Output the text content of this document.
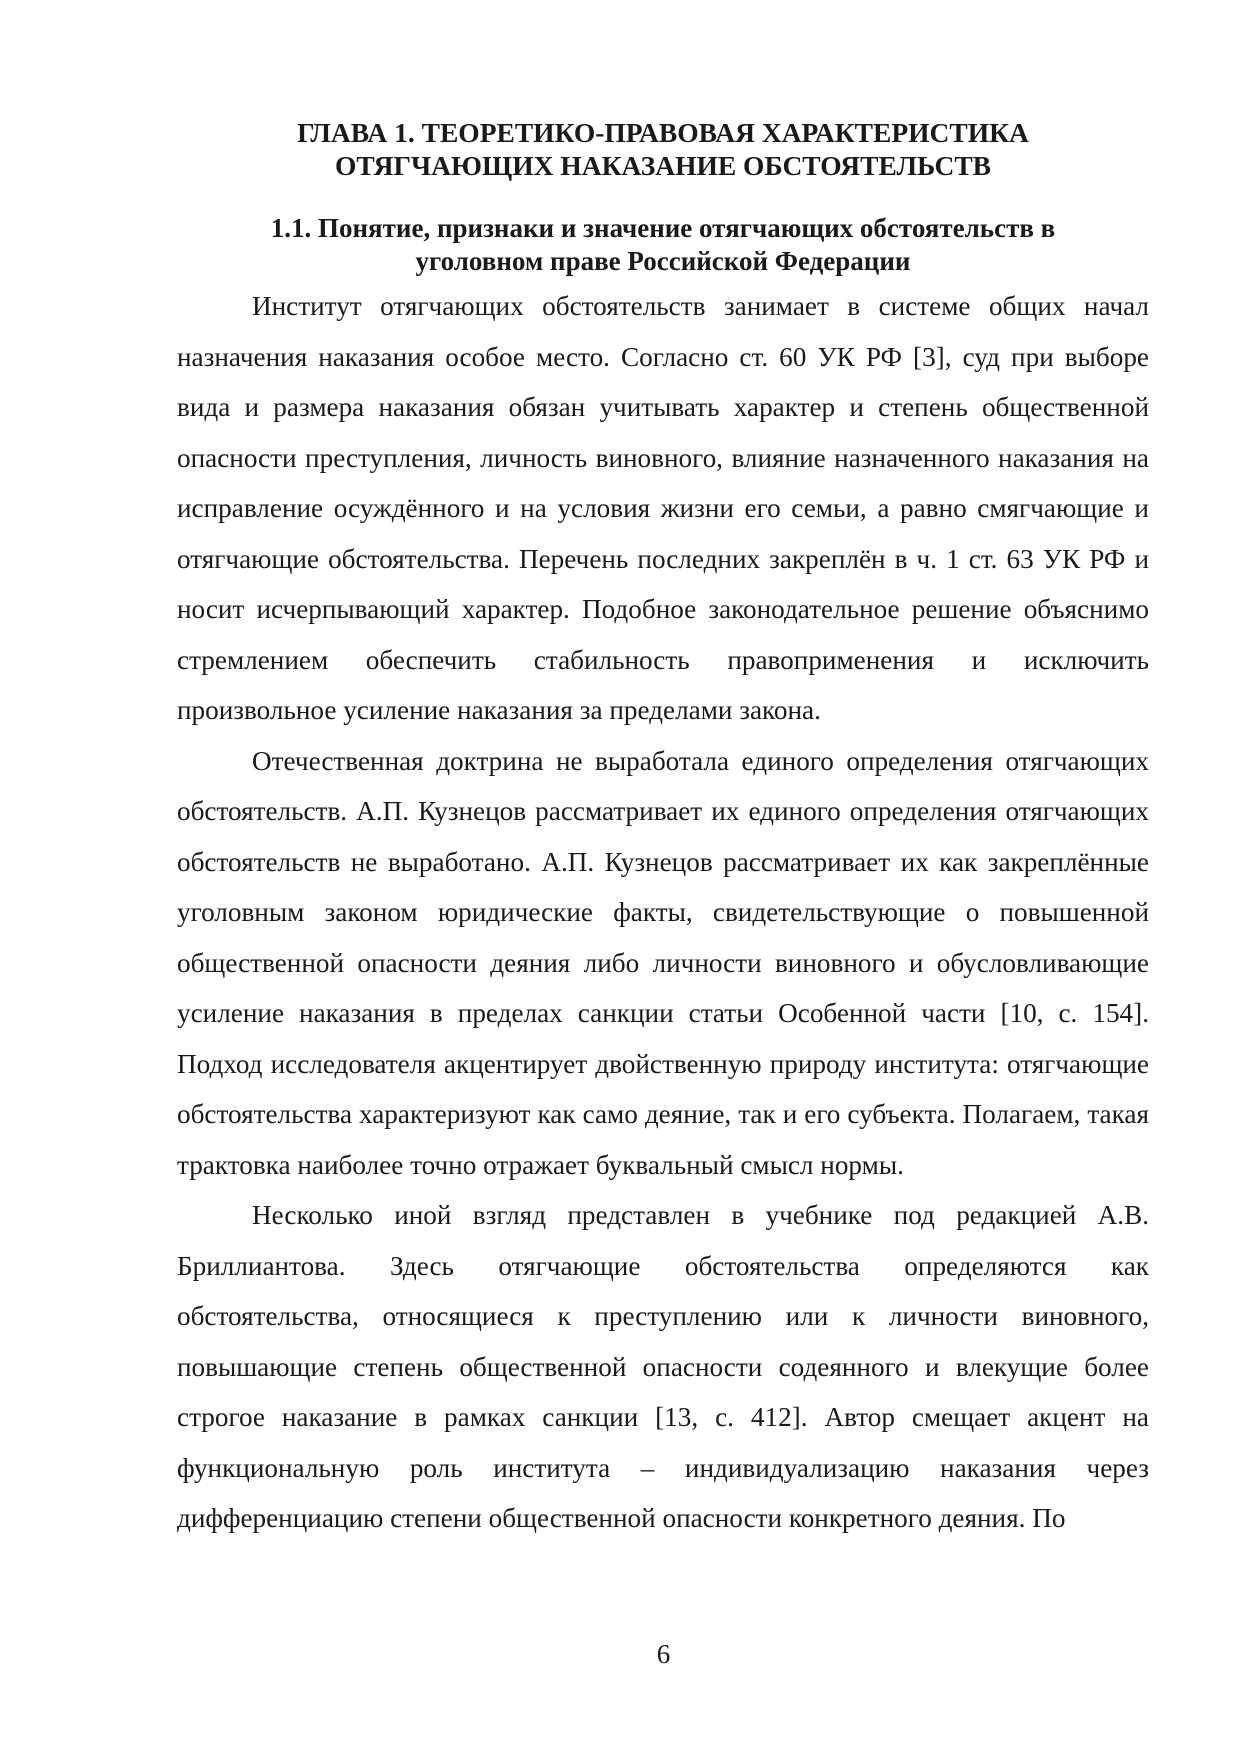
ГЛАВА 1. ТЕОРЕТИКО-ПРАВОВАЯ ХАРАКТЕРИСТИКА
ОТЯГЧАЮЩИХ НАКАЗАНИЕ ОБСТОЯТЕЛЬСТВ
1.1. Понятие, признаки и значение отягчающих обстоятельств в
уголовном праве Российской Федерации

Институт отягчающих обстоятельств занимает в системе общих начал назначения наказания особое место. Согласно ст. 60 УК РФ [3], суд при выборе вида и размера наказания обязан учитывать характер и степень общественной опасности преступления, личность виновного, влияние назначенного наказания на исправление осуждённого и на условия жизни его семьи, а равно смягчающие и отягчающие обстоятельства. Перечень последних закреплён в ч. 1 ст. 63 УК РФ и носит исчерпывающий характер. Подобное законодательное решение объяснимо стремлением обеспечить стабильность правоприменения и исключить произвольное усиление наказания за пределами закона.

Отечественная доктрина не выработала единого определения отягчающих обстоятельств. А.П. Кузнецов рассматривает их единого определения отягчающих обстоятельств не выработано. А.П. Кузнецов рассматривает их как закреплённые уголовным законом юридические факты, свидетельствующие о повышенной общественной опасности деяния либо личности виновного и обусловливающие усиление наказания в пределах санкции статьи Особенной части [10, с. 154]. Подход исследователя акцентирует двойственную природу института: отягчающие обстоятельства характеризуют как само деяние, так и его субъекта. Полагаем, такая трактовка наиболее точно отражает буквальный смысл нормы.

Несколько иной взгляд представлен в учебнике под редакцией А.В. Бриллиантова. Здесь отягчающие обстоятельства определяются как обстоятельства, относящиеся к преступлению или к личности виновного, повышающие степень общественной опасности содеянного и влекущие более строгое наказание в рамках санкции [13, с. 412]. Автор смещает акцент на функциональную роль института – индивидуализацию наказания через дифференциацию степени общественной опасности конкретного деяния. По

6
